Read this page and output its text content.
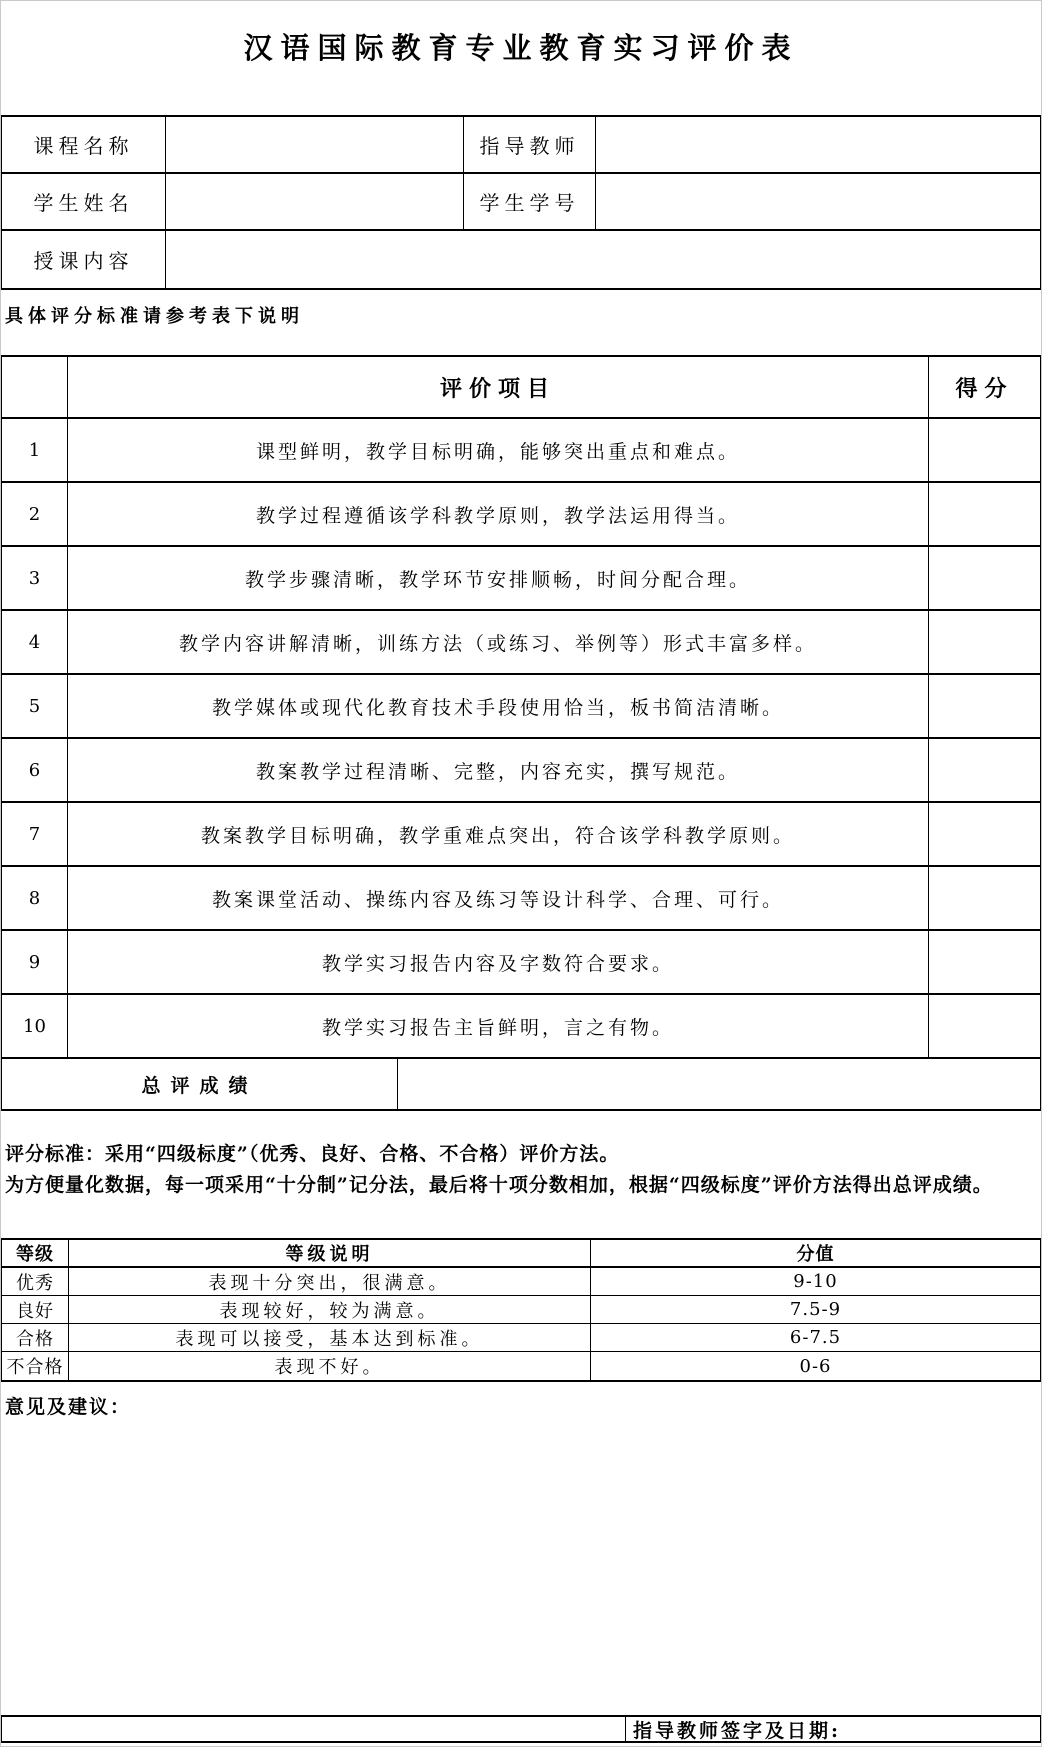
汉语国际教育专业教育实习评价表
课程名称	指导教师
学生姓名	学生学号
授课内容
具体评分标准请参考表下说明
评价项目	得分
1	课型鲜明，教学目标明确，能够突出重点和难点。
2	教学过程遵循该学科教学原则，教学法运用得当。
3	教学步骤清晰，教学环节安排顺畅，时间分配合理。
4	教学内容讲解清晰，训练方法（或练习、举例等）形式丰富多样。
5	教学媒体或现代化教育技术手段使用恰当，板书简洁清晰。
6	教案教学过程清晰、完整，内容充实，撰写规范。
7	教案教学目标明确，教学重难点突出，符合该学科教学原则。
8	教案课堂活动、操练内容及练习等设计科学、合理、可行。
9	教学实习报告内容及字数符合要求。
10	教学实习报告主旨鲜明，言之有物。
总评成绩
评分标准：采用“四级标度”（优秀、良好、合格、不合格）评价方法。
为方便量化数据，每一项采用“十分制”记分法，最后将十项分数相加，根据“四级标度”评价方法得出总评成绩。
等级	等级说明	分值
优秀	表现十分突出，很满意。	9-10
良好	表现较好，较为满意。	7.5-9
合格	表现可以接受，基本达到标准。	6-7.5
不合格	表现不好。	0-6
意见及建议：
指导教师签字及日期:
